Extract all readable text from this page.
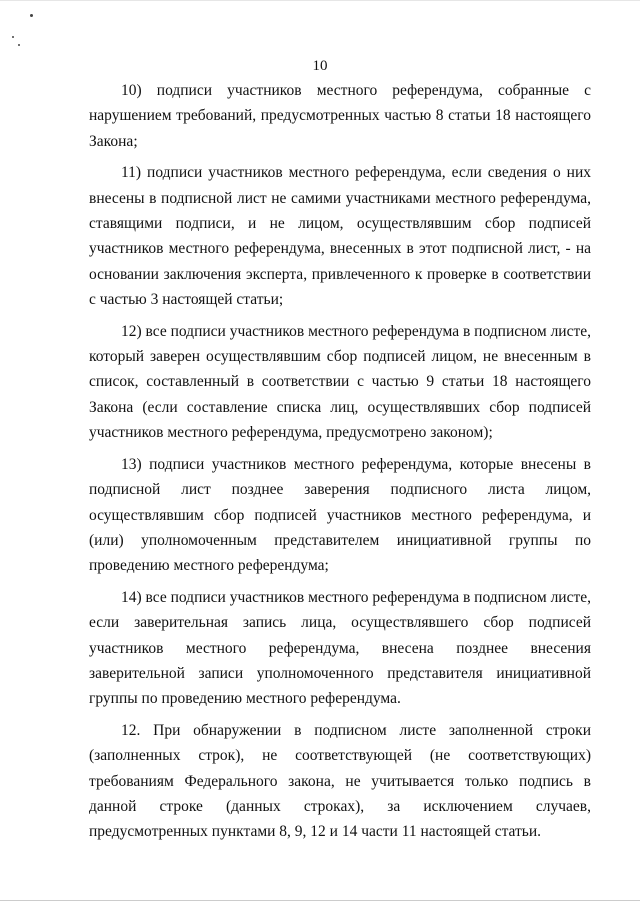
10

10) подписи участников местного референдума, собранные с нарушением требований, предусмотренных частью 8 статьи 18 настоящего Закона;

11) подписи участников местного референдума, если сведения о них внесены в подписной лист не самими участниками местного референдума, ставящими подписи, и не лицом, осуществлявшим сбор подписей участников местного референдума, внесенных в этот подписной лист, - на основании заключения эксперта, привлеченного к проверке в соответствии с частью 3 настоящей статьи;

12) все подписи участников местного референдума в подписном листе, который заверен осуществлявшим сбор подписей лицом, не внесенным в список, составленный в соответствии с частью 9 статьи 18 настоящего Закона (если составление списка лиц, осуществлявших сбор подписей участников местного референдума, предусмотрено законом);

13) подписи участников местного референдума, которые внесены в подписной лист позднее заверения подписного листа лицом, осуществлявшим сбор подписей участников местного референдума, и (или) уполномоченным представителем инициативной группы по проведению местного референдума;

14) все подписи участников местного референдума в подписном листе, если заверительная запись лица, осуществлявшего сбор подписей участников местного референдума, внесена позднее внесения заверительной записи уполномоченного представителя инициативной группы по проведению местного референдума.

12. При обнаружении в подписном листе заполненной строки (заполненных строк), не соответствующей (не соответствующих) требованиям Федерального закона, не учитывается только подпись в данной строке (данных строках), за исключением случаев, предусмотренных пунктами 8, 9, 12 и 14 части 11 настоящей статьи.
